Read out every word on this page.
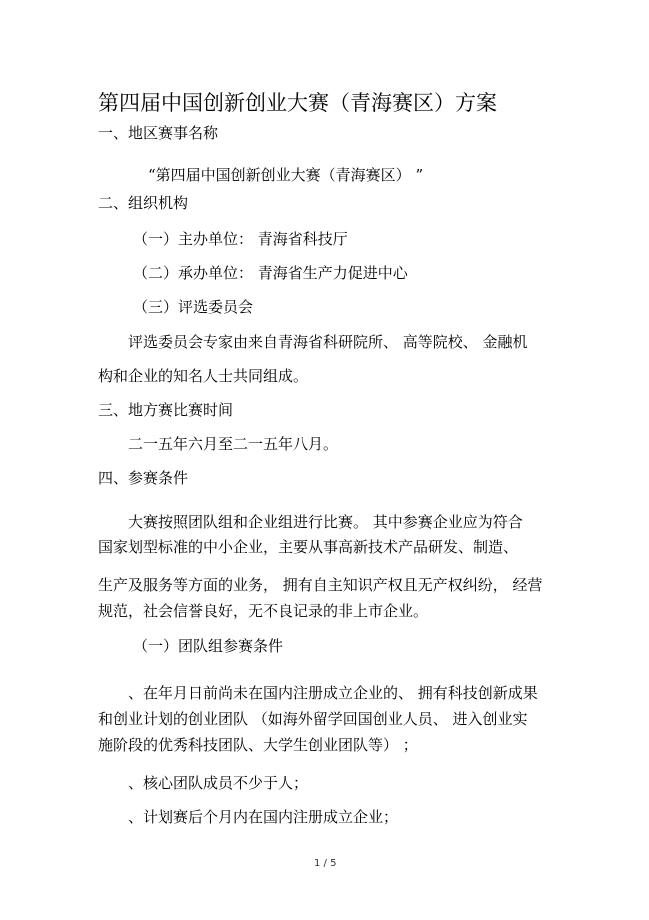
第四届中国创新创业大赛（青海赛区）方案
一、地区赛事名称
“第四届中国创新创业大赛（青海赛区） ”
二、组织机构
（一）主办单位： 青海省科技厅
（二）承办单位： 青海省生产力促进中心
（三）评选委员会
评选委员会专家由来自青海省科研院所、 高等院校、 金融机
构和企业的知名人士共同组成。
三、地方赛比赛时间
二一五年六月至二一五年八月。
四、参赛条件
大赛按照团队组和企业组进行比赛。 其中参赛企业应为符合
国家划型标准的中小企业，主要从事高新技术产品研发、制造、
生产及服务等方面的业务， 拥有自主知识产权且无产权纠纷， 经营
规范，社会信誉良好，无不良记录的非上市企业。
（一）团队组参赛条件
、在年月日前尚未在国内注册成立企业的、 拥有科技创新成果
和创业计划的创业团队 （如海外留学回国创业人员、 进入创业实
施阶段的优秀科技团队、大学生创业团队等） ；
、核心团队成员不少于人；
、计划赛后个月内在国内注册成立企业；
1 / 5
